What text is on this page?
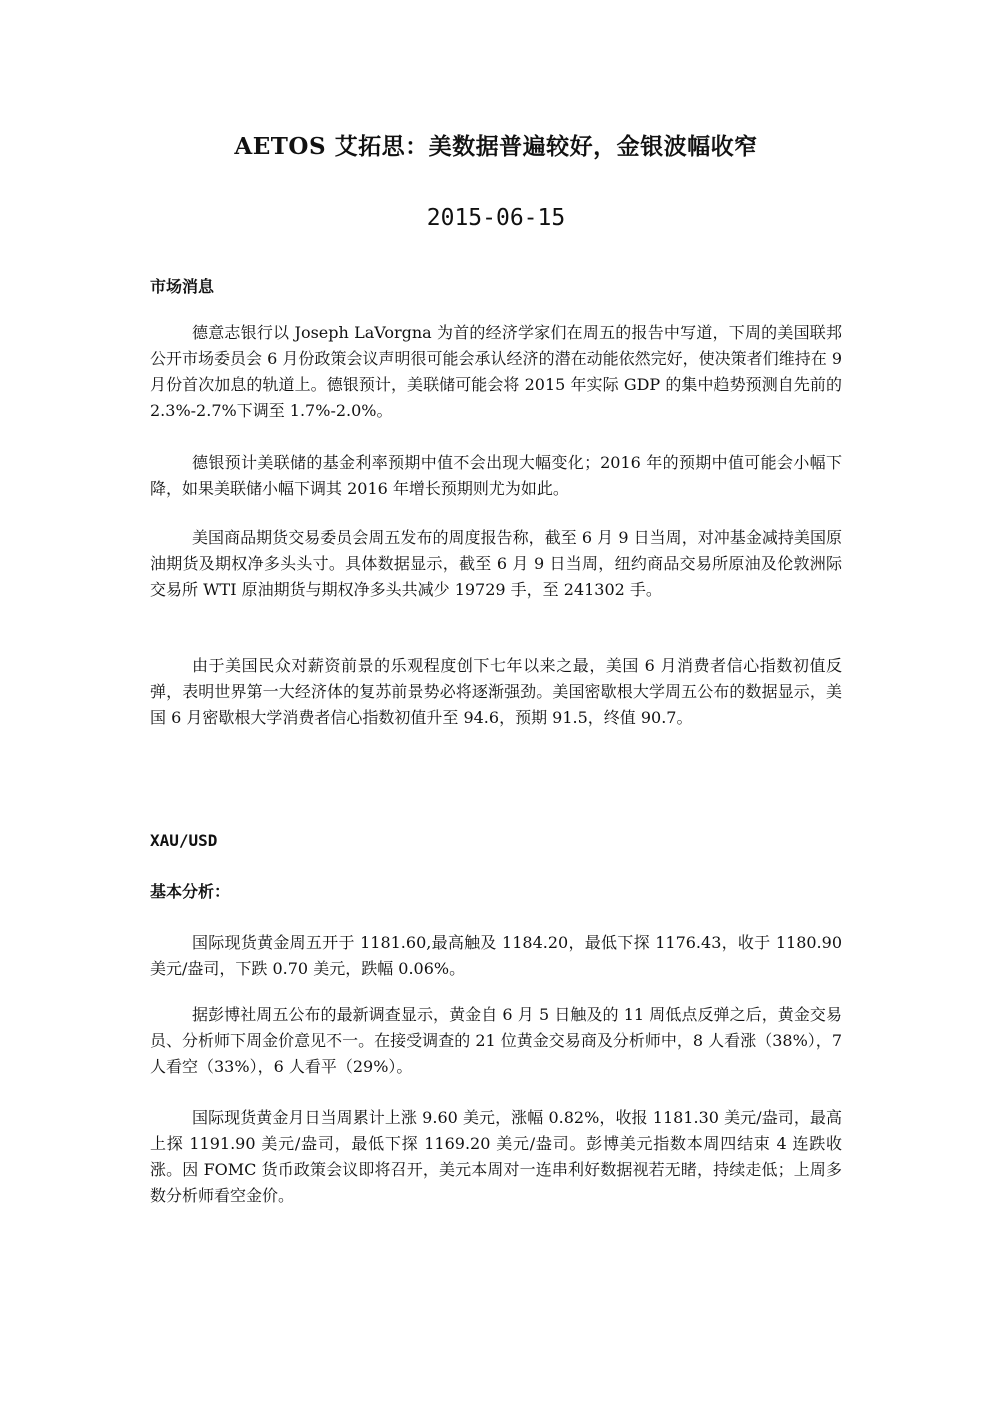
AETOS 艾拓思：美数据普遍较好，金银波幅收窄
2015-06-15
市场消息

德意志银行以 Joseph LaVorgna 为首的经济学家们在周五的报告中写道，下周的美国联邦公开市场委员会 6 月份政策会议声明很可能会承认经济的潜在动能依然完好，使决策者们维持在 9 月份首次加息的轨道上。德银预计，美联储可能会将 2015 年实际 GDP 的集中趋势预测自先前的 2.3%-2.7%下调至 1.7%-2.0%。

德银预计美联储的基金利率预期中值不会出现大幅变化；2016 年的预期中值可能会小幅下降，如果美联储小幅下调其 2016 年增长预期则尤为如此。

美国商品期货交易委员会周五发布的周度报告称，截至 6 月 9 日当周，对冲基金减持美国原油期货及期权净多头头寸。具体数据显示，截至 6 月 9 日当周，纽约商品交易所原油及伦敦洲际交易所 WTI 原油期货与期权净多头共减少 19729 手，至 241302 手。

由于美国民众对薪资前景的乐观程度创下七年以来之最，美国 6 月消费者信心指数初值反弹，表明世界第一大经济体的复苏前景势必将逐渐强劲。美国密歇根大学周五公布的数据显示，美国 6 月密歇根大学消费者信心指数初值升至 94.6，预期 91.5，终值 90.7。

XAU/USD
基本分析：

国际现货黄金周五开于 1181.60,最高触及 1184.20，最低下探 1176.43，收于 1180.90 美元/盎司，下跌 0.70 美元，跌幅 0.06%。

据彭博社周五公布的最新调查显示，黄金自 6 月 5 日触及的 11 周低点反弹之后，黄金交易员、分析师下周金价意见不一。在接受调查的 21 位黄金交易商及分析师中，8 人看涨（38%），7 人看空（33%），6 人看平（29%）。

国际现货黄金月日当周累计上涨 9.60 美元，涨幅 0.82%，收报 1181.30 美元/盎司，最高上探 1191.90 美元/盎司，最低下探 1169.20 美元/盎司。彭博美元指数本周四结束 4 连跌收涨。因 FOMC 货币政策会议即将召开，美元本周对一连串利好数据视若无睹，持续走低；上周多数分析师看空金价。
